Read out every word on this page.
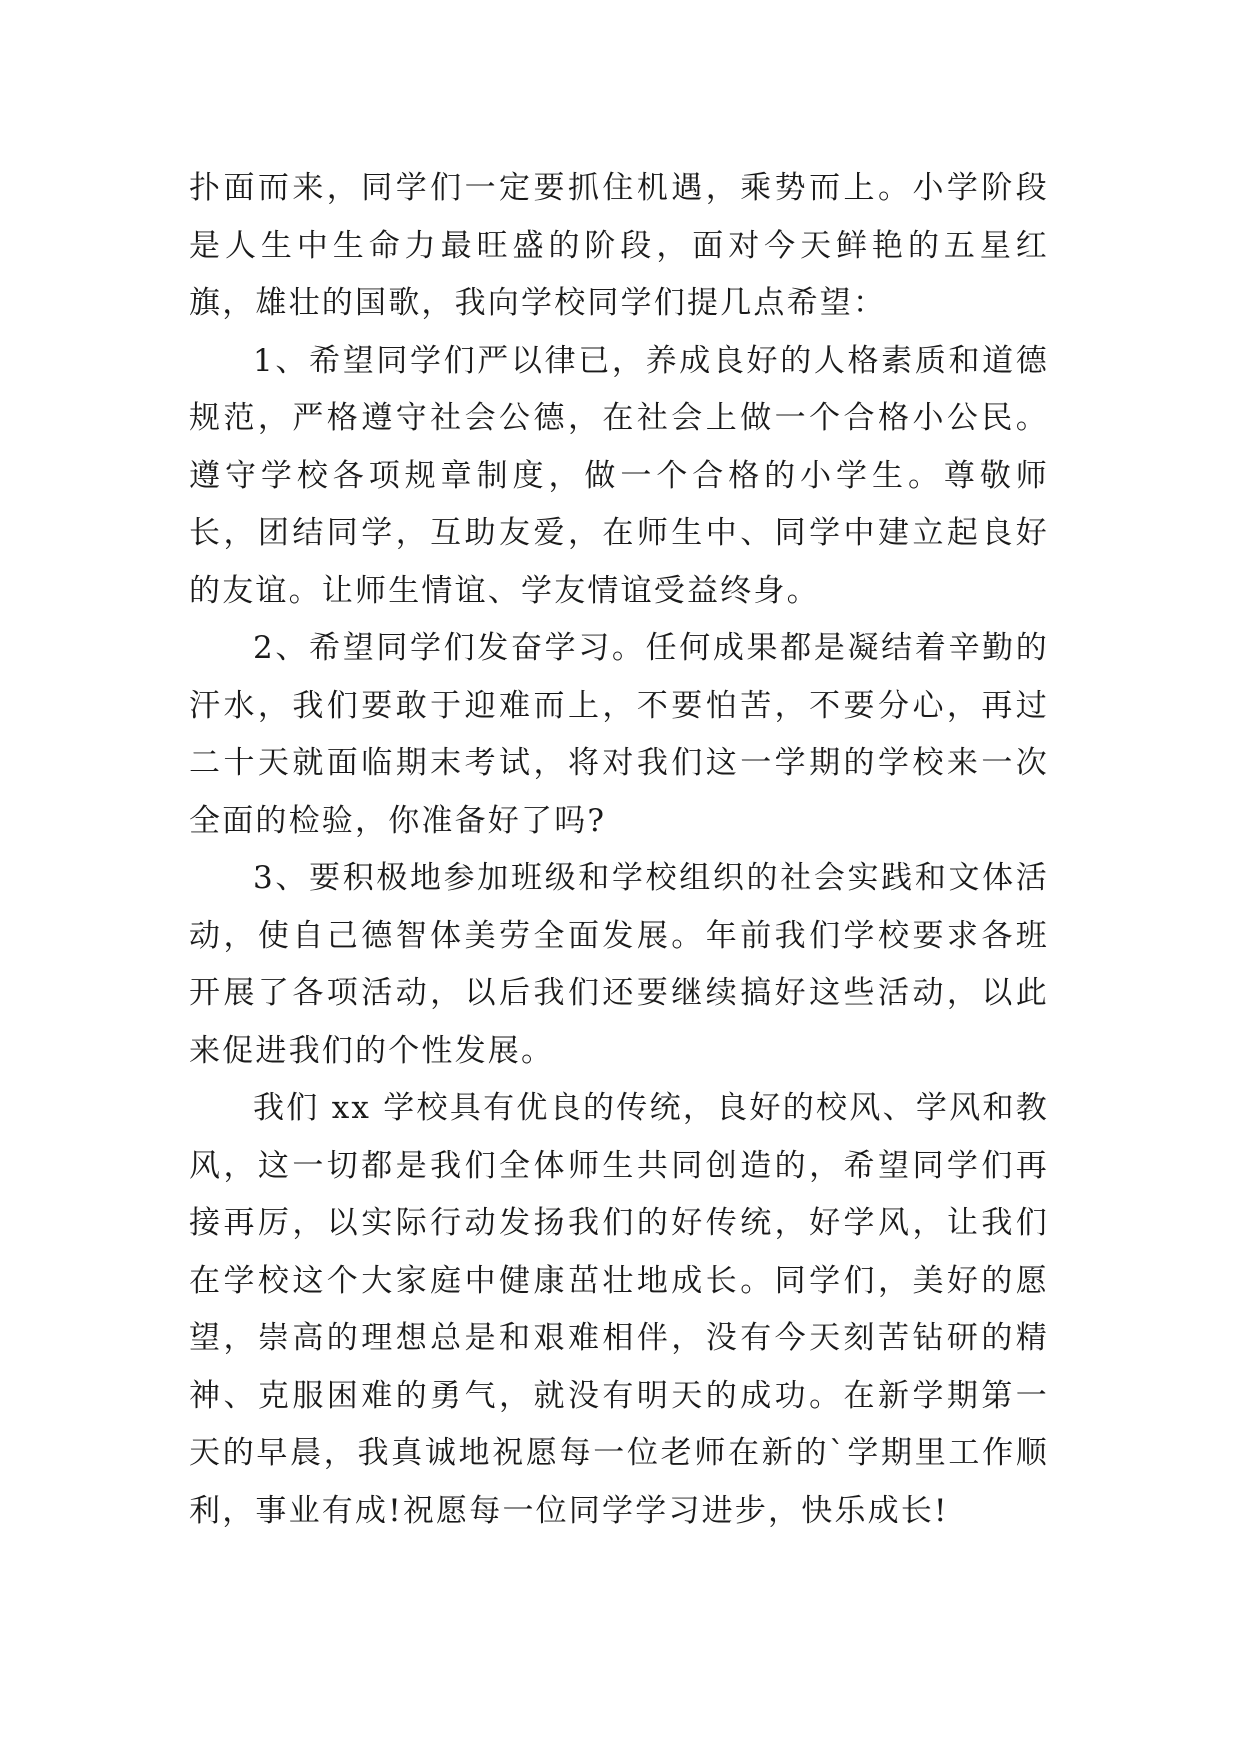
扑面而来，同学们一定要抓住机遇，乘势而上。小学阶段是人生中生命力最旺盛的阶段，面对今天鲜艳的五星红旗，雄壮的国歌，我向学校同学们提几点希望：

1、希望同学们严以律已，养成良好的人格素质和道德规范，严格遵守社会公德，在社会上做一个合格小公民。遵守学校各项规章制度，做一个合格的小学生。尊敬师长，团结同学，互助友爱，在师生中、同学中建立起良好的友谊。让师生情谊、学友情谊受益终身。

2、希望同学们发奋学习。任何成果都是凝结着辛勤的汗水，我们要敢于迎难而上，不要怕苦，不要分心，再过二十天就面临期末考试，将对我们这一学期的学校来一次全面的检验，你准备好了吗?

3、要积极地参加班级和学校组织的社会实践和文体活动，使自己德智体美劳全面发展。年前我们学校要求各班开展了各项活动，以后我们还要继续搞好这些活动，以此来促进我们的个性发展。

我们 xx 学校具有优良的传统，良好的校风、学风和教风，这一切都是我们全体师生共同创造的，希望同学们再接再厉，以实际行动发扬我们的好传统，好学风，让我们在学校这个大家庭中健康茁壮地成长。同学们，美好的愿望，崇高的理想总是和艰难相伴，没有今天刻苦钻研的精神、克服困难的勇气，就没有明天的成功。在新学期第一天的早晨，我真诚地祝愿每一位老师在新的`学期里工作顺利，事业有成!祝愿每一位同学学习进步，快乐成长!
